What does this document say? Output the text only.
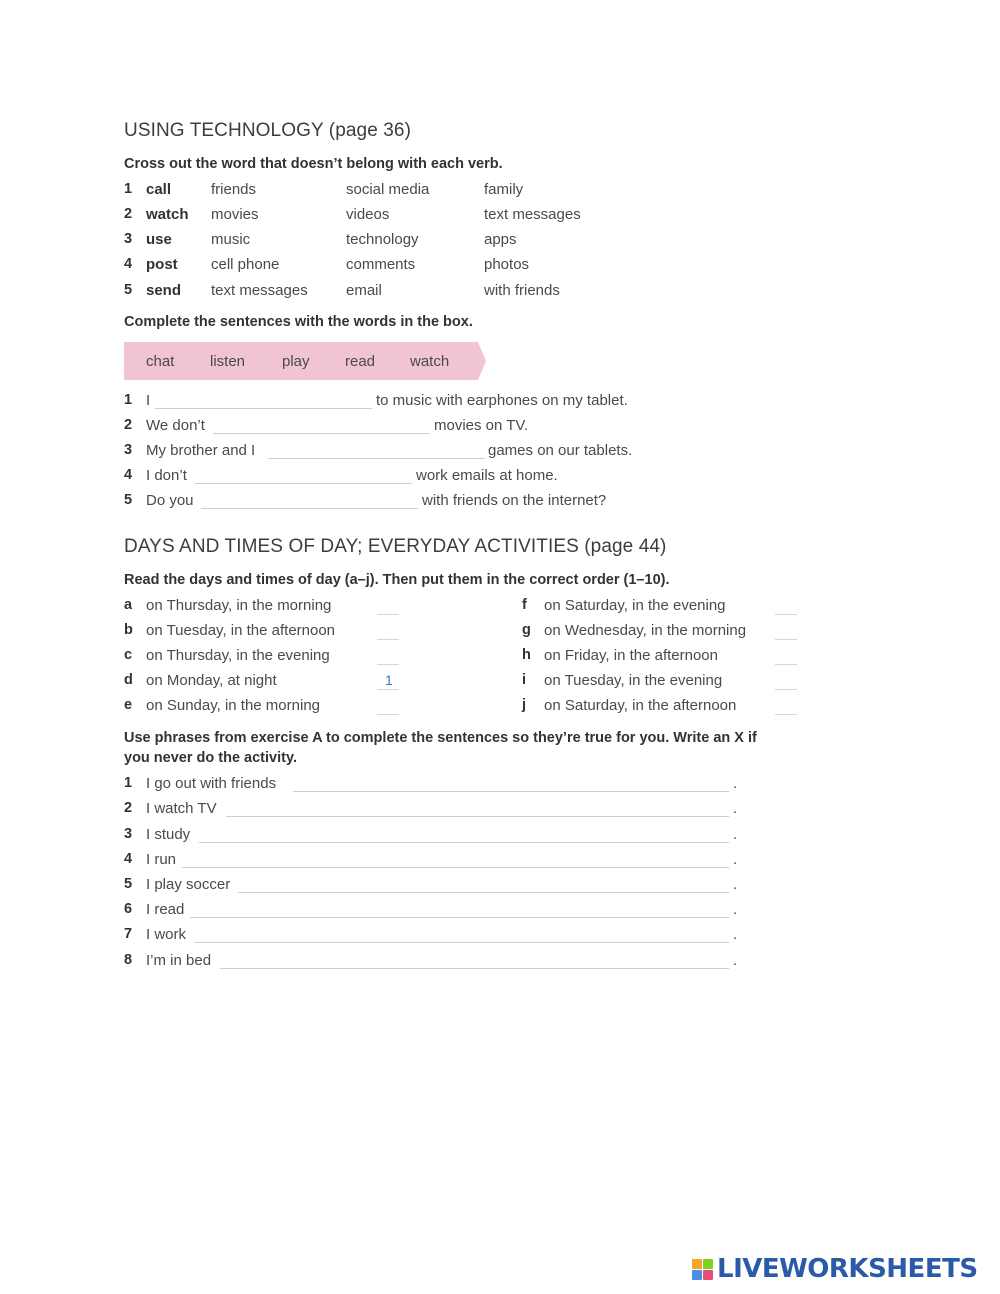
USING TECHNOLOGY (page 36)
Cross out the word that doesn’t belong with each verb.
1 call	friends	social media	family
2 watch movies	videos	text messages
3 use	music	technology	apps
4 post cell phone	comments	photos
5 send text messages	email	with friends
Complete the sentences with the words in the box.
chat listen play read watch
1 I	to music with earphones on my tablet.
2 We don’t	movies on TV.
3 My brother and I	games on our tablets.
4 I don’t	work emails at home.
5 Do you	with friends on the internet?
DAYS AND TIMES OF DAY; EVERYDAY ACTIVITIES (page 44)
Read the days and times of day (a–j). Then put them in the correct order (1–10).
a on Thursday, in the morning
b on Tuesday, in the afternoon
c on Thursday, in the evening
d on Monday, at night	1
e on Sunday, in the morning
f on Saturday, in the evening
g on Wednesday, in the morning
h on Friday, in the afternoon
i on Tuesday, in the evening
j on Saturday, in the afternoon
Use phrases from exercise A to complete the sentences so they’re true for you. Write an X if
you never do the activity.
1 I go out with friends	.
2 I watch TV	.
3 I study	.
4 I run	.
5 I play soccer	.
6 I read	.
7 I work	.
8 I’m in bed	.
LIVEWORKSHEETS
